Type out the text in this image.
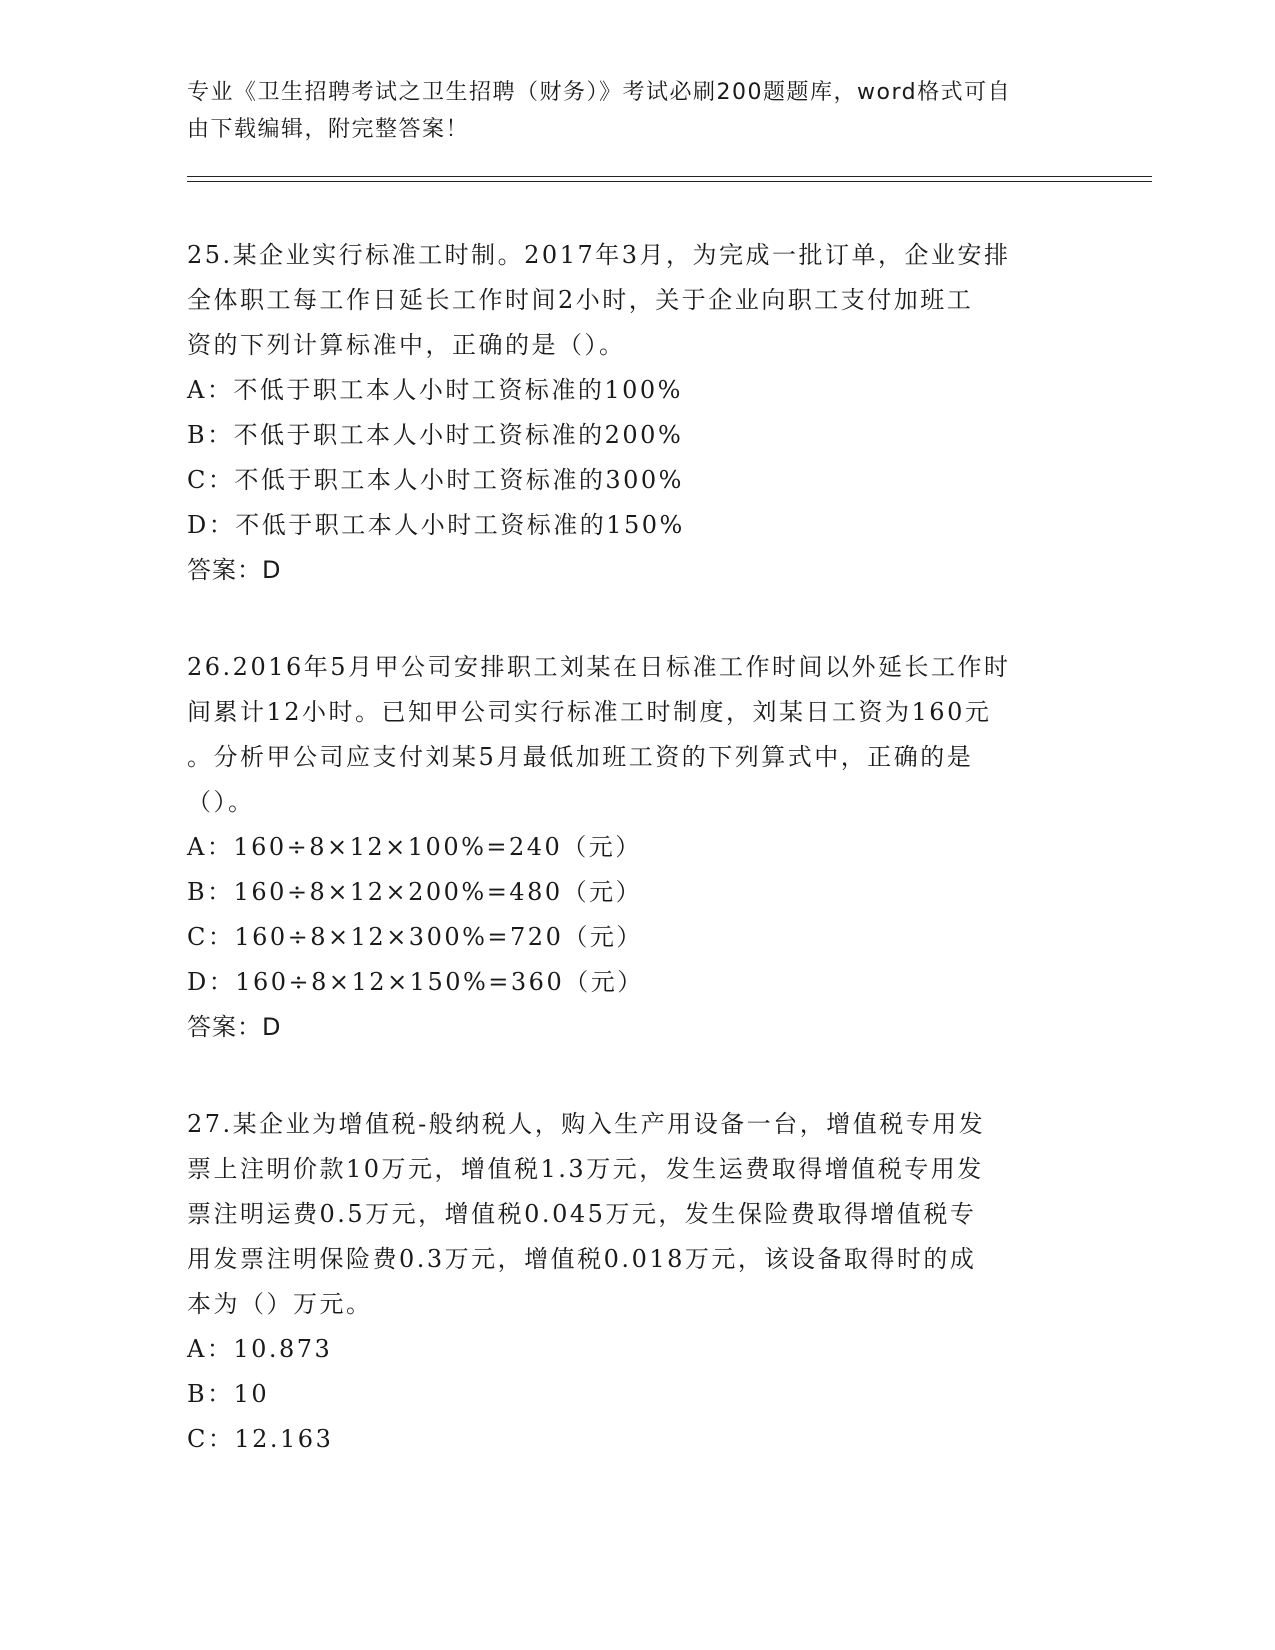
专业《卫生招聘考试之卫生招聘（财务）》考试必刷200题题库，word格式可自
由下载编辑，附完整答案！

25.某企业实行标准工时制。2017年3月，为完成一批订单，企业安排

全体职工每工作日延长工作时间2小时，关于企业向职工支付加班工

资的下列计算标准中，正确的是（）。

A：不低于职工本人小时工资标准的100%

B：不低于职工本人小时工资标准的200%

C：不低于职工本人小时工资标准的300%

D：不低于职工本人小时工资标准的150%

答案：D

26.2016年5月甲公司安排职工刘某在日标准工作时间以外延长工作时

间累计12小时。已知甲公司实行标准工时制度，刘某日工资为160元

。分析甲公司应支付刘某5月最低加班工资的下列算式中，正确的是

（）。

A：160÷8×12×100%=240（元）

B：160÷8×12×200%=480（元）

C：160÷8×12×300%=720（元）

D：160÷8×12×150%=360（元）

答案：D

27.某企业为增值税-般纳税人，购入生产用设备一台，增值税专用发

票上注明价款10万元，增值税1.3万元，发生运费取得增值税专用发

票注明运费0.5万元，增值税0.045万元，发生保险费取得增值税专

用发票注明保险费0.3万元，增值税0.018万元，该设备取得时的成

本为（）万元。

A：10.873

B：10

C：12.163
